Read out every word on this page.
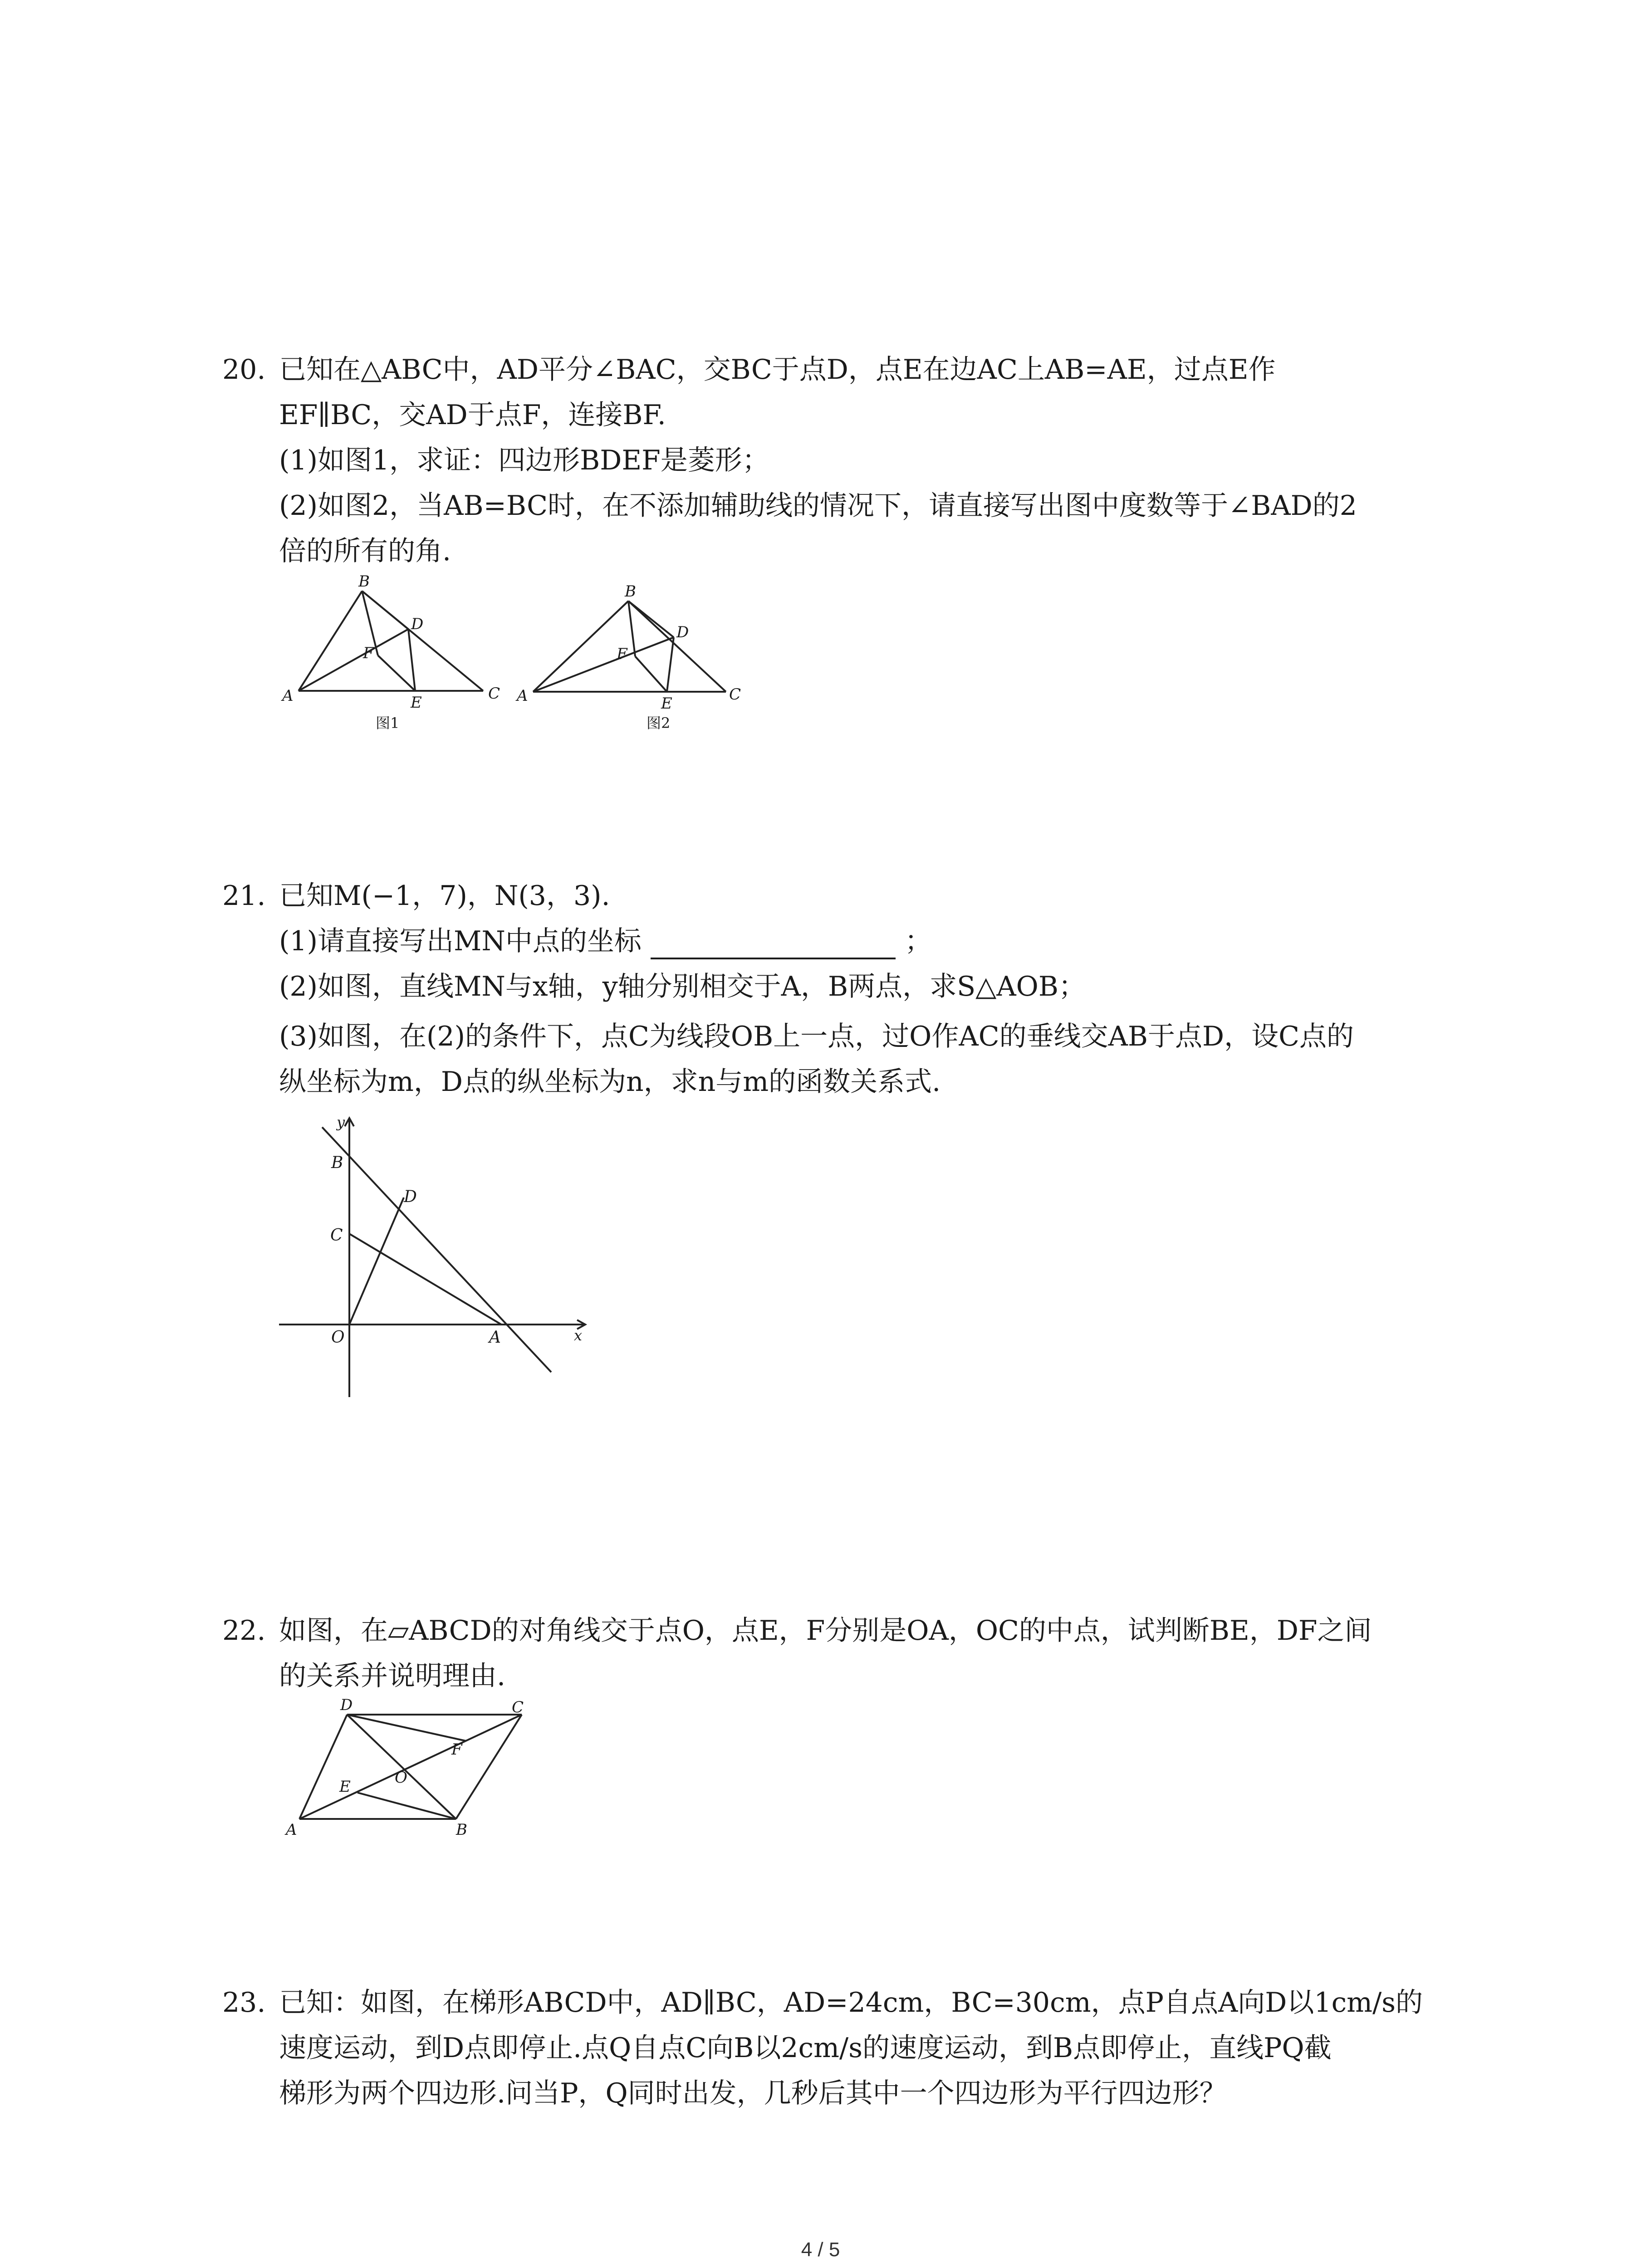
20. 已知在△ABC中，AD平分∠BAC，交BC于点D，点E在边AC上AB=AE，过点E作
EF∥BC，交AD于点F，连接BF.
(1)如图1，求证：四边形BDEF是菱形；
(2)如图2，当AB=BC时，在不添加辅助线的情况下，请直接写出图中度数等于∠BAD的2
倍的所有的角.
B
D
F
A	E	C
图1
B
D
F
A	E	C
图2
21. 已知M(−1，7)，N(3，3).
(1)请直接写出MN中点的坐标	；
(2)如图，直线MN与x轴，y轴分别相交于A，B两点，求S△AOB；
(3)如图，在(2)的条件下，点C为线段OB上一点，过O作AC的垂线交AB于点D，设C点的
纵坐标为m，D点的纵坐标为n，求n与m的函数关系式.
y
x
B
D
C
O	A
22. 如图，在▱ABCD的对角线交于点O，点E，F分别是OA，OC的中点，试判断BE，DF之间
的关系并说明理由.
D	C
F
O
E
A	B
23. 已知：如图，在梯形ABCD中，AD∥BC，AD=24cm，BC=30cm，点P自点A向D以1cm/s的
速度运动，到D点即停止.点Q自点C向B以2cm/s的速度运动，到B点即停止，直线PQ截
梯形为两个四边形.问当P，Q同时出发，几秒后其中一个四边形为平行四边形？
4 / 5
